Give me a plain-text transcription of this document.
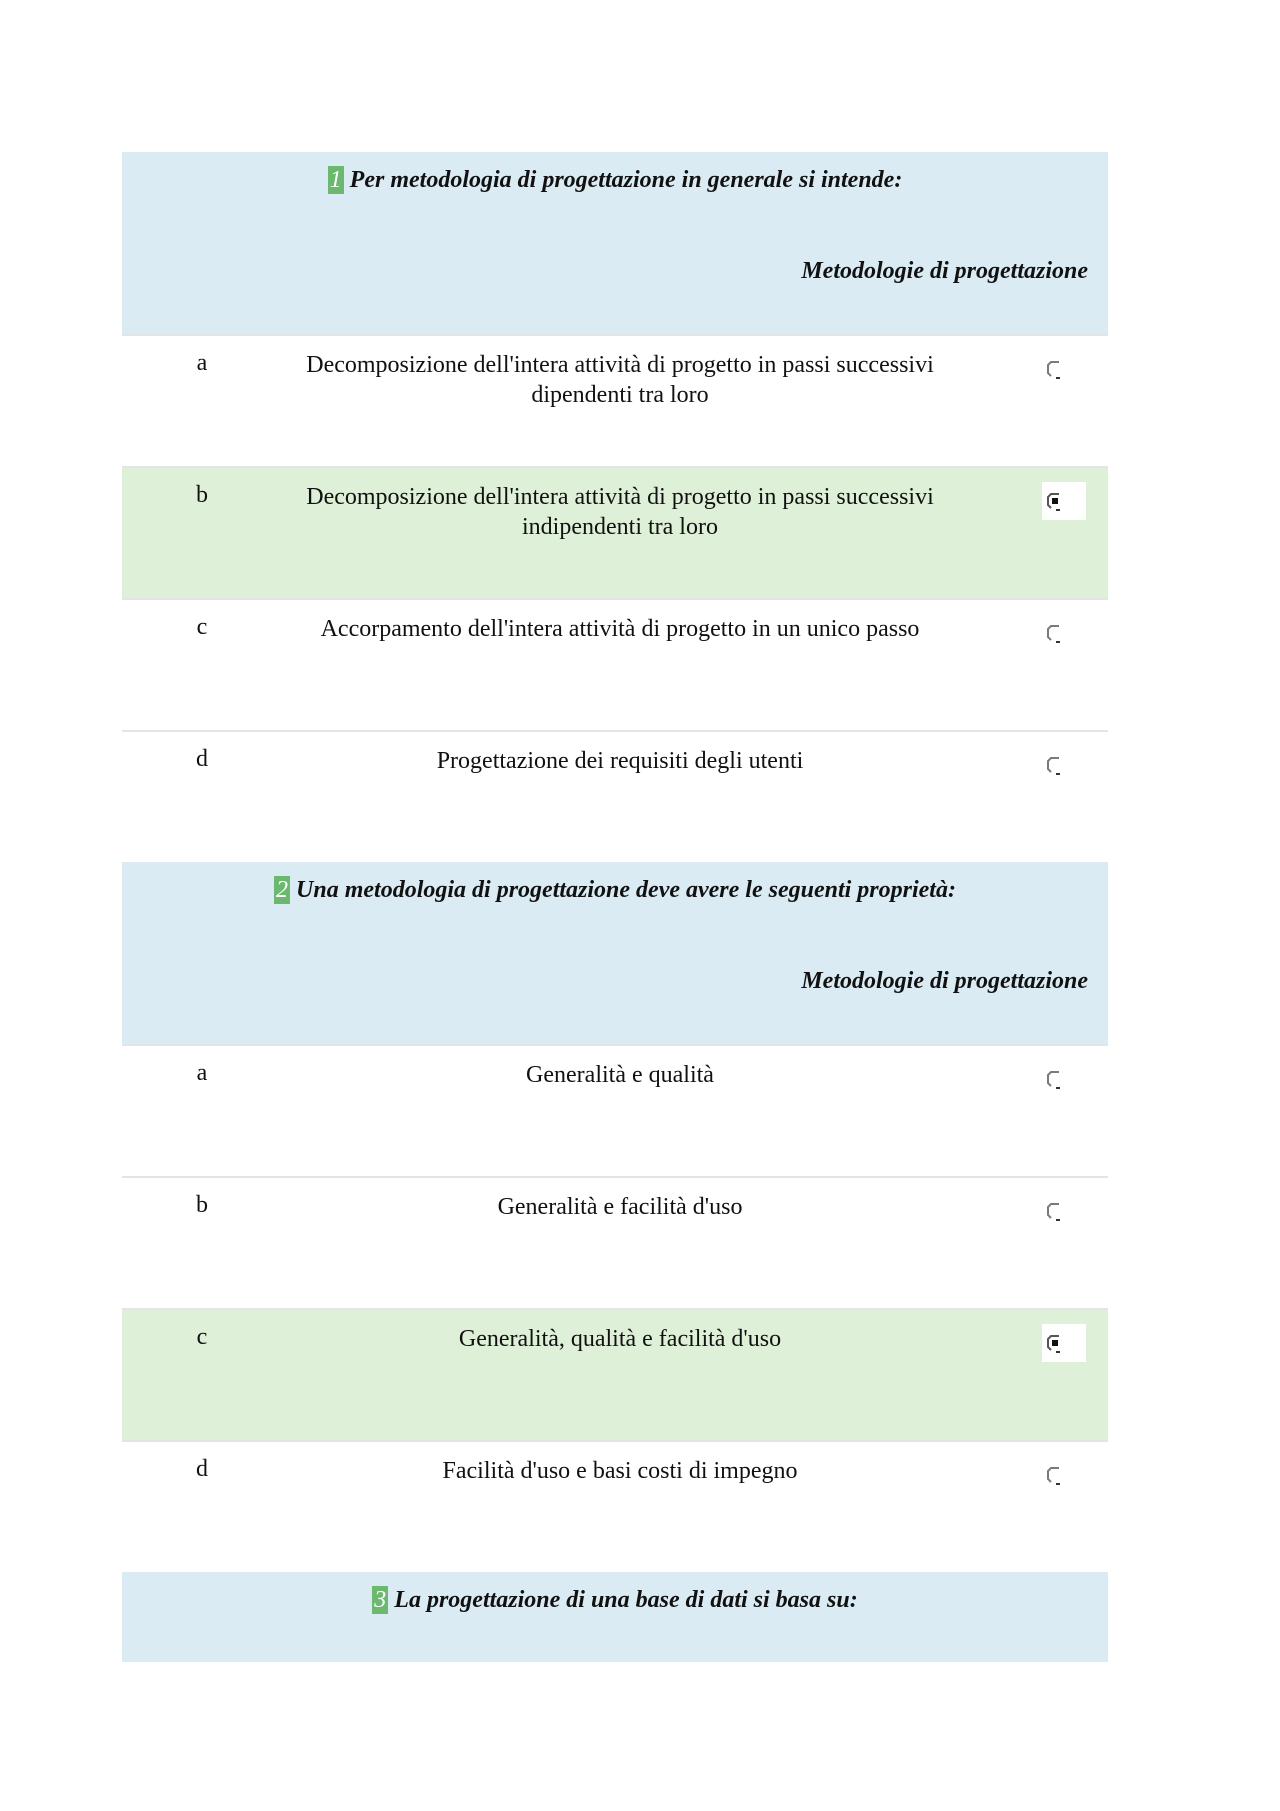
1 Per metodologia di progettazione in generale si intende:
Metodologie di progettazione
a	Decomposizione dell'intera attività di progetto in passi successivi dipendenti tra loro
b	Decomposizione dell'intera attività di progetto in passi successivi indipendenti tra loro
c	Accorpamento dell'intera attività di progetto in un unico passo
d	Progettazione dei requisiti degli utenti
2 Una metodologia di progettazione deve avere le seguenti proprietà:
Metodologie di progettazione
a	Generalità e qualità
b	Generalità e facilità d'uso
c	Generalità, qualità e facilità d'uso
d	Facilità d'uso e basi costi di impegno
3 La progettazione di una base di dati si basa su:
